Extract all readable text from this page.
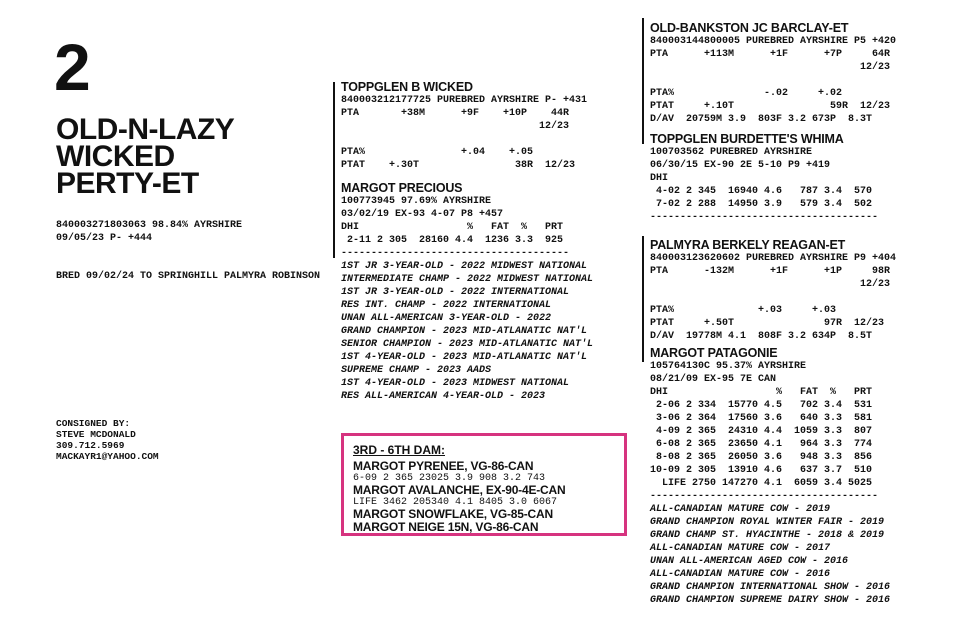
2
OLD-N-LAZY
WICKED
PERTY-ET
840003271803063 98.84% AYRSHIRE
09/05/23 P- +444
BRED 09/02/24 TO SPRINGHILL PALMYRA ROBINSON
CONSIGNED BY:
STEVE MCDONALD
309.712.5969
MACKAYR1@YAHOO.COM
TOPPGLEN B WICKED
840003212177725 PUREBRED AYRSHIRE P- +431
PTA       +38M      +9F    +10P    44R
12/23
PTA%                +.04    +.05
PTAT    +.30T                38R  12/23
MARGOT PRECIOUS
100773945 97.69% AYRSHIRE
03/02/19 EX-93 4-07 P8 +457
DHI                  %   FAT  %   PRT
2-11 2 305  28160 4.4  1236 3.3  925
--------------------------------------
1ST JR 3-YEAR-OLD - 2022 MIDWEST NATIONAL
INTERMEDIATE CHAMP - 2022 MIDWEST NATIONAL
1ST JR 3-YEAR-OLD - 2022 INTERNATIONAL
RES INT. CHAMP - 2022 INTERNATIONAL
UNAN ALL-AMERICAN 3-YEAR-OLD - 2022
GRAND CHAMPION - 2023 MID-ATLANATIC NAT'L
SENIOR CHAMPION - 2023 MID-ATLANATIC NAT'L
1ST 4-YEAR-OLD - 2023 MID-ATLANATIC NAT'L
SUPREME CHAMP - 2023 AADS
1ST 4-YEAR-OLD - 2023 MIDWEST NATIONAL
RES ALL-AMERICAN 4-YEAR-OLD - 2023
3RD - 6TH DAM:
MARGOT PYRENEE, VG-86-CAN
6-09 2 365 23025 3.9 908 3.2 743
MARGOT AVALANCHE, EX-90-4E-CAN
LIFE 3462 205340 4.1 8405 3.0 6067
MARGOT SNOWFLAKE, VG-85-CAN
MARGOT NEIGE 15N, VG-86-CAN
OLD-BANKSTON JC BARCLAY-ET
840003144800005 PUREBRED AYRSHIRE P5 +420
PTA      +113M      +1F      +7P     64R
12/23
PTA%               -.02     +.02
PTAT     +.10T                59R  12/23
D/AV  20759M 3.9  803F 3.2 673P  8.3T
TOPPGLEN BURDETTE'S WHIMA
100703562 PUREBRED AYRSHIRE
06/30/15 EX-90 2E 5-10 P9 +419
DHI
4-02 2 345  16940 4.6   787 3.4  570
7-02 2 288  14950 3.9   579 3.4  502
--------------------------------------
PALMYRA BERKELY REAGAN-ET
840003123620602 PUREBRED AYRSHIRE P9 +404
PTA      -132M      +1F      +1P     98R
12/23
PTA%              +.03     +.03
PTAT     +.50T               97R  12/23
D/AV  19778M 4.1  808F 3.2 634P  8.5T
MARGOT PATAGONIE
105764130C 95.37% AYRSHIRE
08/21/09 EX-95 7E CAN
DHI                  %   FAT  %   PRT
2-06 2 334  15770 4.5   702 3.4  531
3-06 2 364  17560 3.6   640 3.3  581
4-09 2 365  24310 4.4  1059 3.3  807
6-08 2 365  23650 4.1   964 3.3  774
8-08 2 365  26050 3.6   948 3.3  856
10-09 2 305  13910 4.6   637 3.7  510
LIFE 2750 147270 4.1  6059 3.4 5025
--------------------------------------
ALL-CANADIAN MATURE COW - 2019
GRAND CHAMPION ROYAL WINTER FAIR - 2019
GRAND CHAMP ST. HYACINTHE - 2018 & 2019
ALL-CANADIAN MATURE COW - 2017
UNAN ALL-AMERICAN AGED COW - 2016
ALL-CANADIAN MATURE COW - 2016
GRAND CHAMPION INTERNATIONAL SHOW - 2016
GRAND CHAMPION SUPREME DAIRY SHOW - 2016
